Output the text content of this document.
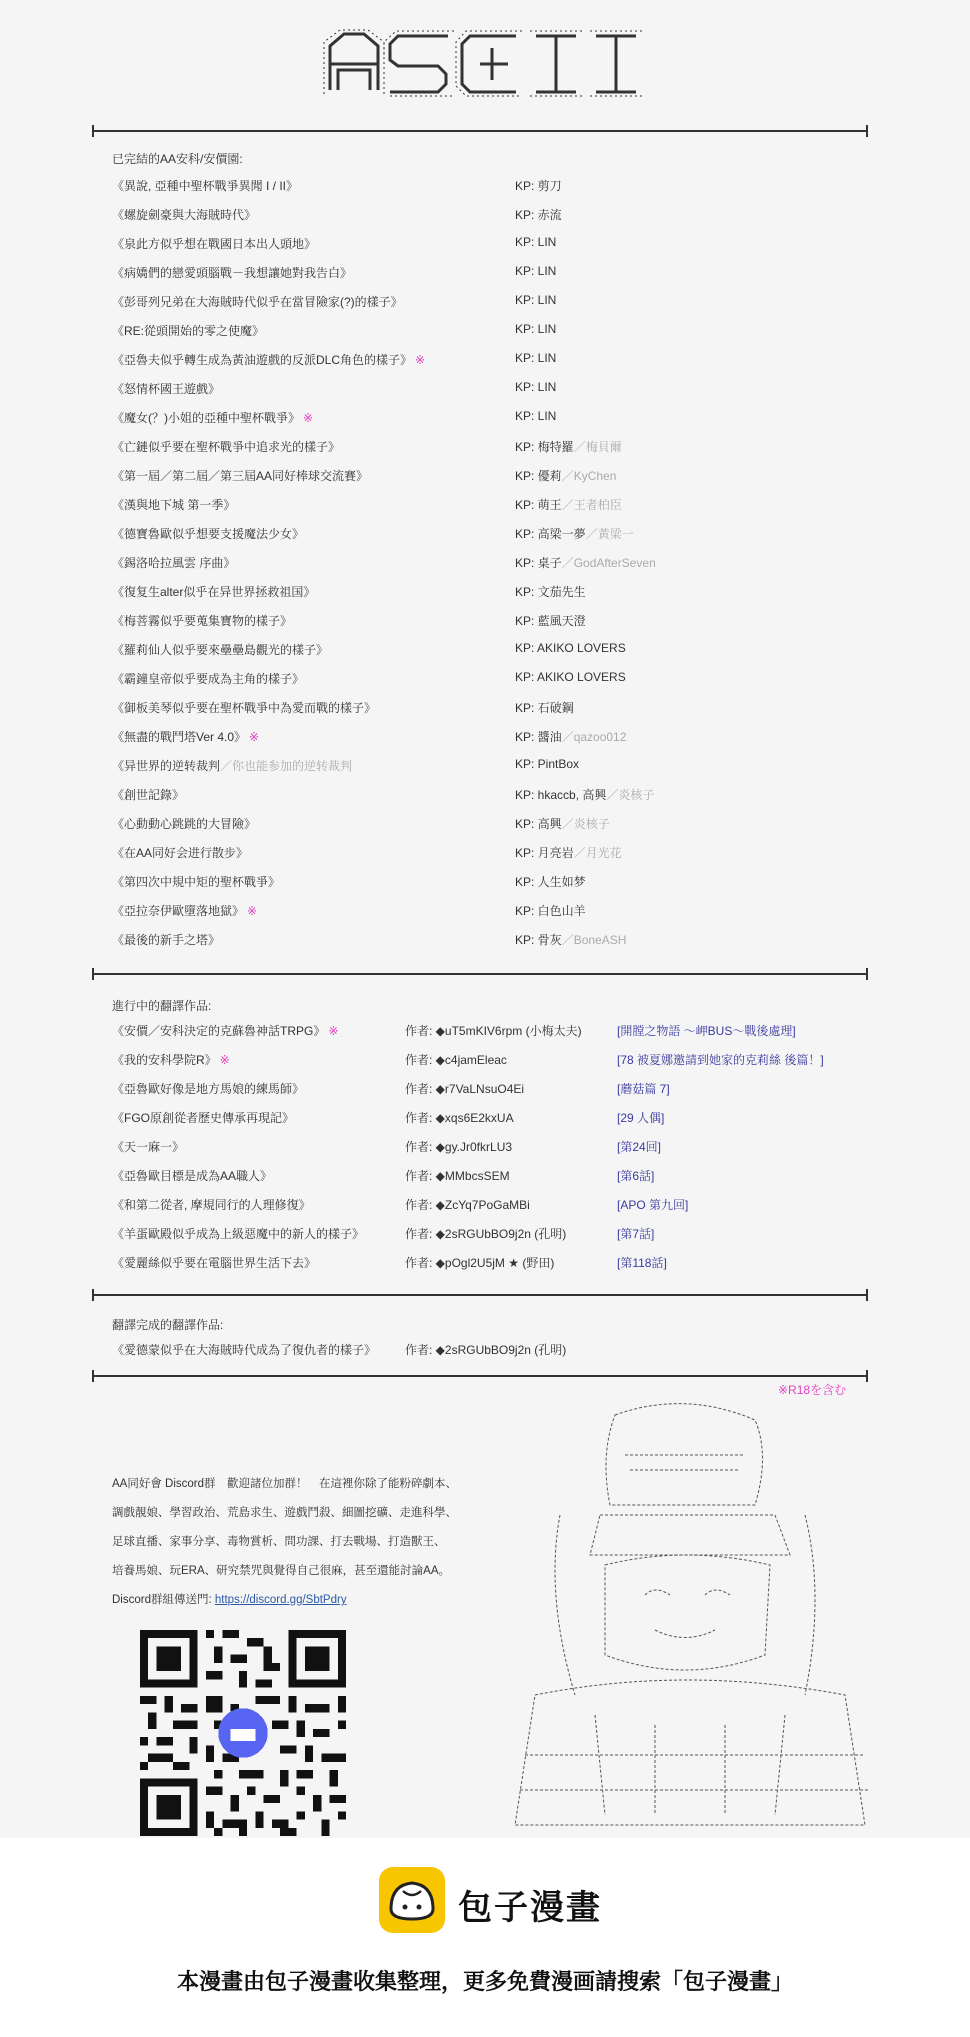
已完結的AA安科/安價園:
《異說, 亞種中聖杯戰爭異聞 I / II》	KP: 剪刀
《螺旋劍豪與大海賊時代》	KP: 赤流
《泉此方似乎想在戰國日本出人頭地》	KP: LIN
《病嬌們的戀愛頭腦戰－我想讓她對我告白》	KP: LIN
《彭哥列兄弟在大海賊時代似乎在當冒險家(?)的樣子》	KP: LIN
《RE:從頭開始的零之使魔》	KP: LIN
《亞魯夫似乎轉生成為黃油遊戲的反派DLC角色的樣子》 ※	KP: LIN
《怒情杯國王遊戲》	KP: LIN
《魔女(？)小姐的亞種中聖杯戰爭》 ※	KP: LIN
《亡鏈似乎要在聖杯戰爭中追求光的樣子》	KP: 梅特羅／梅貝爾
《第一屆／第二屆／第三屆AA同好棒球交流賽》	KP: 優莉／KyChen
《漢與地下城 第一季》	KP: 萌王／王者柏臣
《德寶魯歐似乎想要支援魔法少女》	KP: 高梁一夢／黃梁一
《錫洛哈拉風雲 序曲》	KP: 桌子／GodAfterSeven
《復复生alter似乎在异世界拯救祖国》	KP: 文茄先生
《梅菩霧似乎要蒐集寶物的樣子》	KP: 藍風天澄
《羅莉仙人似乎要來壘壘島觀光的樣子》	KP: AKIKO LOVERS
《霸鐘皇帝似乎要成為主角的樣子》	KP: AKIKO LOVERS
《御板美琴似乎要在聖杯戰爭中為愛而戰的樣子》	KP: 石破鋼
《無盡的戰鬥塔Ver 4.0》 ※	KP: 醬油／qazoo012
《异世界的逆转裁判／你也能参加的逆转裁判	KP: PintBox
《創世記錄》	KP: hkaccb, 高興／炎核子
《心動動心跳跳的大冒險》	KP: 高興／炎核子
《在AA同好会进行散步》	KP: 月亮岩／月光花
《第四次中規中矩的聖杯戰爭》	KP: 人生如梦
《亞拉奈伊歐墮落地獄》 ※	KP: 白色山羊
《最後的新手之塔》	KP: 骨灰／BoneASH
進行中的翻譯作品:
《安價／安科決定的克蘇魯神話TRPG》 ※	作者: ◆uT5mKIV6rpm (小梅太夫)	[開膛之物語 ～岬BUS～戰後處理]
《我的安科學院R》 ※	作者: ◆c4jamEleac	[78 被夏娜邀請到她家的克莉絲 後篇！]
《亞魯歐好像是地方馬娘的練馬師》	作者: ◆r7VaLNsuO4Ei	[蘑菇篇 7]
《FGO原創從者歷史傳承再現記》	作者: ◆xqs6E2kxUA	[29 人偶]
《天一麻一》	作者: ◆gy.Jr0fkrLU3	[第24回]
《亞魯歐目標是成為AA職人》	作者: ◆MMbcsSEM	[第6話]
《和第二從者, 摩規同行的人理修復》	作者: ◆ZcYq7PoGaMBi	[APO 第九回]
《羊蛋歐殿似乎成為上級惡魔中的新人的樣子》	作者: ◆2sRGUbBO9j2n (孔明)	[第7話]
《愛麗絲似乎要在電腦世界生活下去》	作者: ◆pOgl2U5jM ★ (野田)	[第118話]
翻譯完成的翻譯作品:
《愛德蒙似乎在大海賊時代成為了復仇者的樣子》 作者: ◆2sRGUbBO9j2n (孔明)
※R18を含む
AA同好會 Discord群　歡迎諸位加群！　在這裡你除了能粉碎劇本、
調戲靚娘、學習政治、荒島求生、遊戲鬥殺、細圖挖礦、走進科學、
足球直播、家事分享、毒物賞析、問功課、打去戰場、打造獸王、
培養馬娘、玩ERA、研究禁咒與覺得自己很麻，甚至還能討論AA。
Discord群組傳送門: https://discord.gg/SbtPdry
包子漫畫
本漫畫由包子漫畫收集整理，更多免費漫画請搜索「包子漫畫」
